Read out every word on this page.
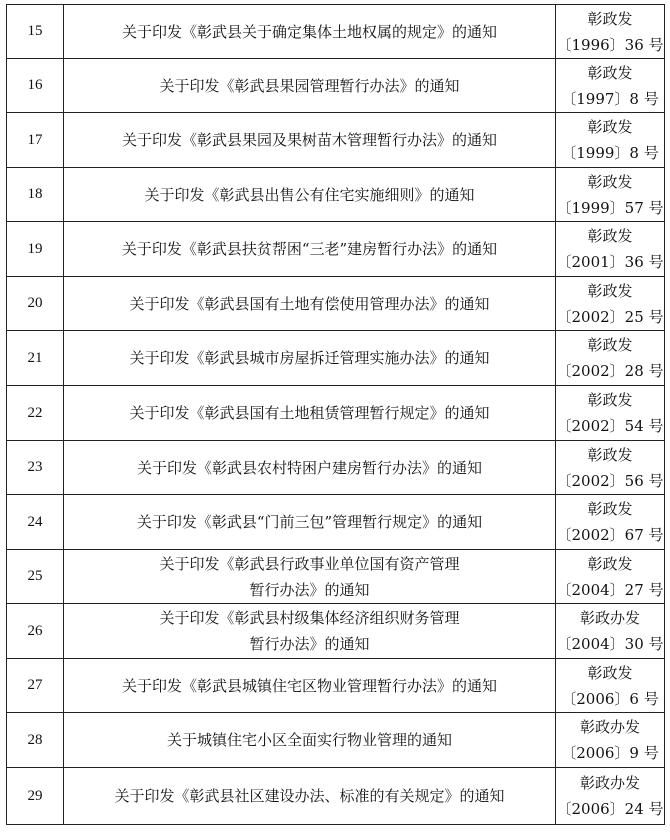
15	关于印发《彰武县关于确定集体土地权属的规定》的通知	彰政发
〔1996〕36 号

16	关于印发《彰武县果园管理暂行办法》的通知	彰政发
〔1997〕8 号

17	关于印发《彰武县果园及果树苗木管理暂行办法》的通知	彰政发
〔1999〕8 号

18	关于印发《彰武县出售公有住宅实施细则》的通知	彰政发
〔1999〕57 号

19	关于印发《彰武县扶贫帮困“三老”建房暂行办法》的通知	彰政发
〔2001〕36 号

20	关于印发《彰武县国有土地有偿使用管理办法》的通知	彰政发
〔2002〕25 号

21	关于印发《彰武县城市房屋拆迁管理实施办法》的通知	彰政发
〔2002〕28 号

22	关于印发《彰武县国有土地租赁管理暂行规定》的通知	彰政发
〔2002〕54 号

23	关于印发《彰武县农村特困户建房暂行办法》的通知	彰政发
〔2002〕56 号

24	关于印发《彰武县“门前三包”管理暂行规定》的通知	彰政发
〔2002〕67 号

25	关于印发《彰武县行政事业单位国有资产管理
暂行办法》的通知	彰政发
〔2004〕27 号

26	关于印发《彰武县村级集体经济组织财务管理
暂行办法》的通知	彰政办发
〔2004〕30 号

27	关于印发《彰武县城镇住宅区物业管理暂行办法》的通知	彰政发
〔2006〕6 号

28	关于城镇住宅小区全面实行物业管理的通知	彰政办发
〔2006〕9 号

29	关于印发《彰武县社区建设办法、标准的有关规定》的通知	彰政办发
〔2006〕24 号
